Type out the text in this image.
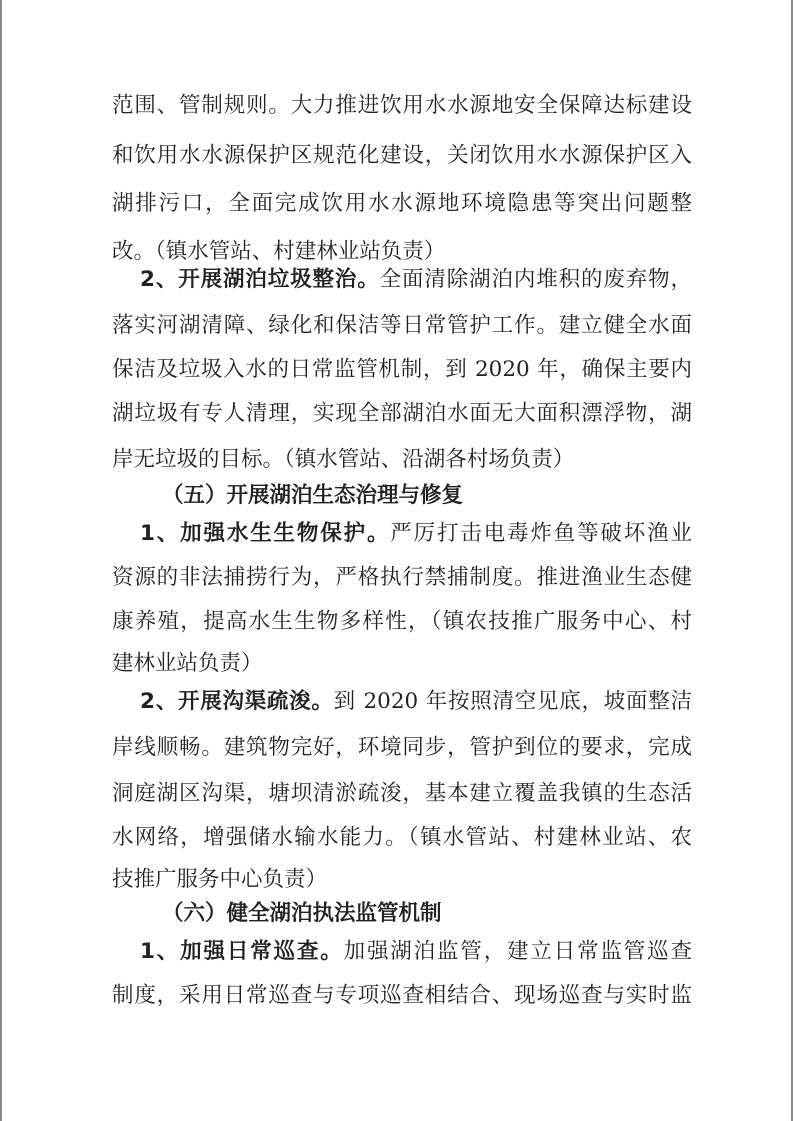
范围、管制规则。大力推进饮用水水源地安全保障达标建设
和饮用水水源保护区规范化建设，关闭饮用水水源保护区入
湖排污口，全面完成饮用水水源地环境隐患等突出问题整
改。（镇水管站、村建林业站负责）
2、开展湖泊垃圾整治。全面清除湖泊内堆积的废弃物，
落实河湖清障、绿化和保洁等日常管护工作。建立健全水面
保洁及垃圾入水的日常监管机制，到 2020 年，确保主要内
湖垃圾有专人清理，实现全部湖泊水面无大面积漂浮物，湖
岸无垃圾的目标。（镇水管站、沿湖各村场负责）
（五）开展湖泊生态治理与修复
1、加强水生生物保护。严厉打击电毒炸鱼等破坏渔业
资源的非法捕捞行为，严格执行禁捕制度。推进渔业生态健
康养殖，提高水生生物多样性，（镇农技推广服务中心、村
建林业站负责）
2、开展沟渠疏浚。到 2020 年按照清空见底，坡面整洁
岸线顺畅。建筑物完好，环境同步，管护到位的要求，完成
洞庭湖区沟渠，塘坝清淤疏浚，基本建立覆盖我镇的生态活
水网络，增强储水输水能力。（镇水管站、村建林业站、农
技推广服务中心负责）
（六）健全湖泊执法监管机制
1、加强日常巡查。加强湖泊监管，建立日常监管巡查
制度，采用日常巡查与专项巡查相结合、现场巡查与实时监
